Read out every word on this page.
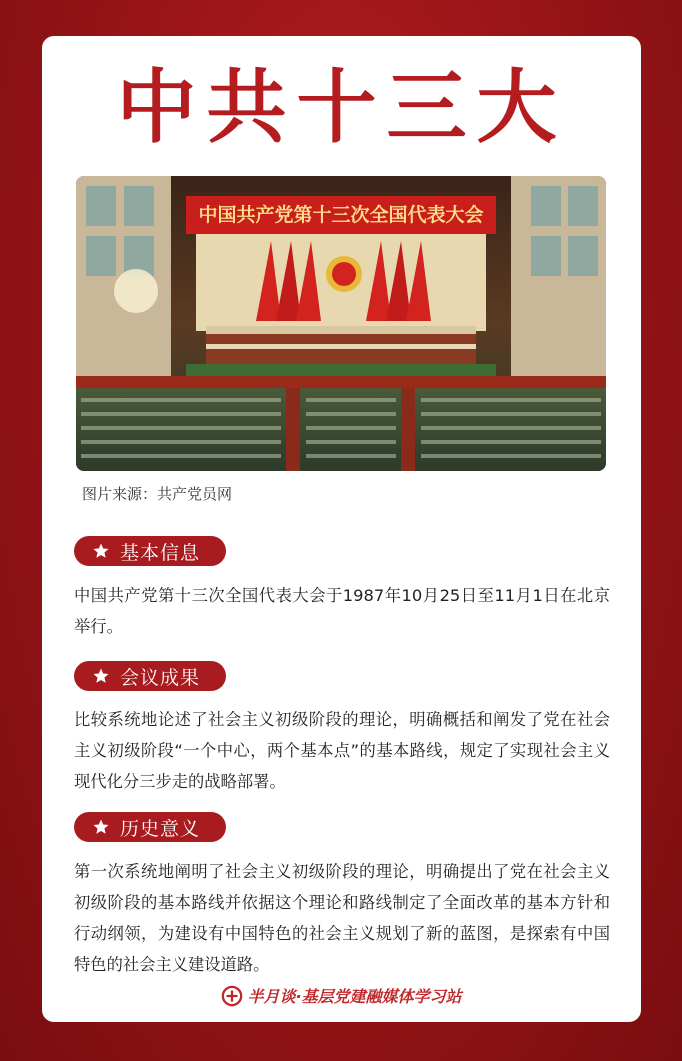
中共十三大
中国共产党第十三次全国代表大会
图片来源：共产党员网
基本信息
中国共产党第十三次全国代表大会于1987年10月25日至11月1日在北京举行。
会议成果
比较系统地论述了社会主义初级阶段的理论，明确概括和阐发了党在社会主义初级阶段“一个中心，两个基本点”的基本路线，规定了实现社会主义现代化分三步走的战略部署。
历史意义
第一次系统地阐明了社会主义初级阶段的理论，明确提出了党在社会主义初级阶段的基本路线并依据这个理论和路线制定了全面改革的基本方针和行动纲领，为建设有中国特色的社会主义规划了新的蓝图，是探索有中国特色的社会主义建设道路。
半月谈·基层党建融媒体学习站
